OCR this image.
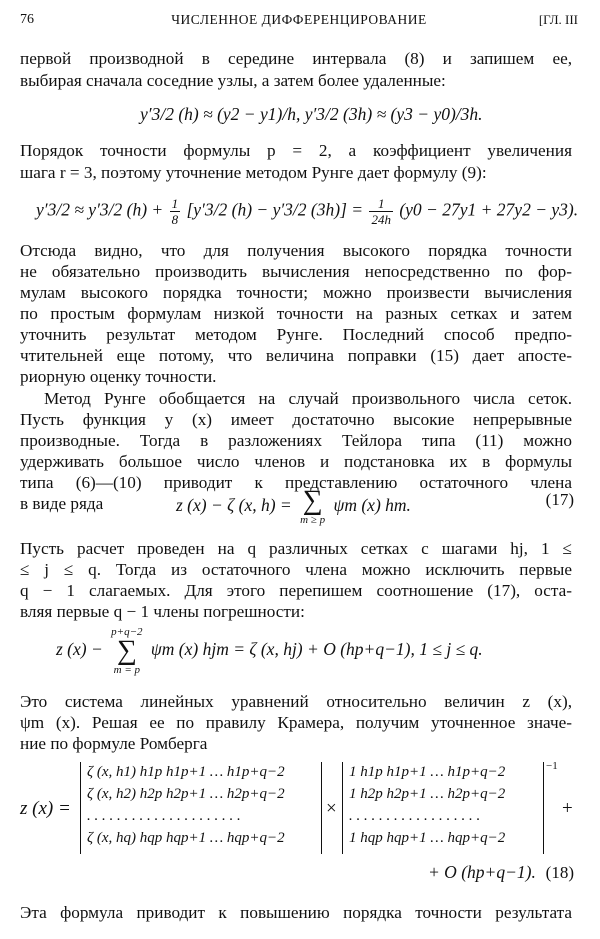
76	ЧИСЛЕННОЕ ДИФФЕРЕНЦИРОВАНИЕ	[ГЛ. III
первой производной в середине интервала (8) и запишем ее,
выбирая сначала соседние узлы, а затем более удаленные:
y′3/2 (h) ≈ (y2 − y1)/h, y′3/2 (3h) ≈ (y3 − y0)/3h.
Порядок точности формулы p = 2, а коэффициент увеличения
шага r = 3, поэтому уточнение методом Рунге дает формулу (9):
y′3/2 ≈ y′3/2 $(h) + \frac{1}{8} [y'3/2$ (h) − y′3/2 $(3h)] = \frac{1}{24h} (y0 - 27y1 + 27y2 - y3)$.
Отсюда видно, что для получения высокого порядка точности
не обязательно производить вычисления непосредственно по фор-
мулам высокого порядка точности; можно произвести вычисления
по простым формулам низкой точности на разных сетках и затем
уточнить результат методом Рунге. Последний способ предпо-
чтительней еще потому, что величина поправки (15) дает апосте-
риорную оценку точности.
Метод Рунге обобщается на случай произвольного числа сеток.
Пусть функция y (x) имеет достаточно высокие непрерывные
производные. Тогда в разложениях Тейлора типа (11) можно
удерживать большое число членов и подстановка их в формулы
типа (6)—(10) приводит к представлению остаточного члена
в виде ряда	z (x) − ζ (x, h) = ∑
m ≥ p
ψm (x) hm.	(17)
Пусть расчет проведен на q различных сетках с шагами hj, 1 ≤
≤ j ≤ q. Тогда из остаточного члена можно исключить первые
q − 1 слагаемых. Для этого перепишем соотношение (17), оста-
вляя первые q − 1 члены погрешности:
z (x) −
p+q−2
∑
m = p
ψm (x) hjm = ζ (x, hj) + O (hp+q−1), 1 ≤ j ≤ q.
Это система линейных уравнений относительно величин z (x),
ψm (x). Решая ее по правилу Крамера, получим уточненное значе-
ние по формуле Ромберга
z (x) =
ζ (x, h1) h1p h1p+1 … h1p+q−2
ζ (x, h2) h2p h2p+1 … h2p+q−2
. . . . . . . . . . . . . . . . . . . . .
ζ (x, hq) hqp hqp+1 … hqp+q−2
×
1 h1p h1p+1 … h1p+q−2
1 h2p h2p+1 … h2p+q−2
. . . . . . . . . . . . . . . . . .
1 hqp hqp+1 … hqp+q−2
−1
+
+ O (hp+q−1). (18)
Эта формула приводит к повышению порядка точности результата
